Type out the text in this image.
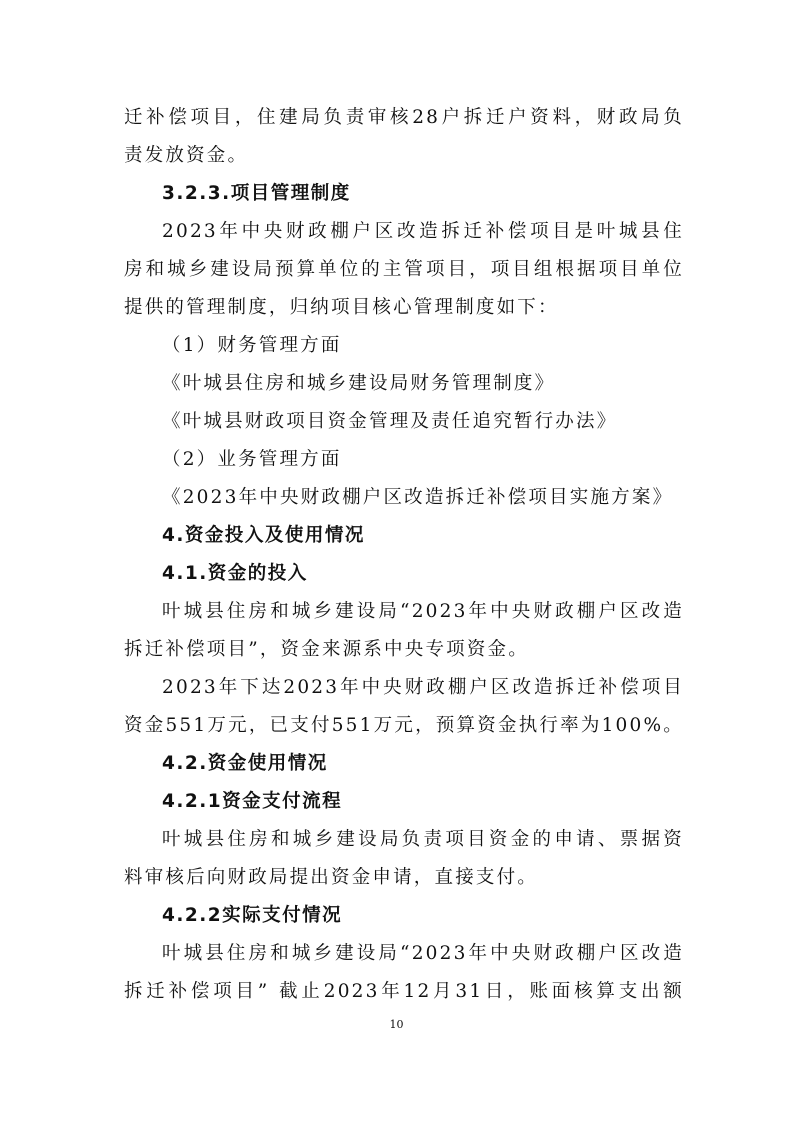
迁补偿项目，住建局负责审核28户拆迁户资料，财政局负
责发放资金。
3.2.3.项目管理制度
2023年中央财政棚户区改造拆迁补偿项目是叶城县住
房和城乡建设局预算单位的主管项目，项目组根据项目单位
提供的管理制度，归纳项目核心管理制度如下：
（1）财务管理方面
《叶城县住房和城乡建设局财务管理制度》
《叶城县财政项目资金管理及责任追究暂行办法》
（2）业务管理方面
《2023年中央财政棚户区改造拆迁补偿项目实施方案》
4.资金投入及使用情况
4.1.资金的投入
叶城县住房和城乡建设局“2023年中央财政棚户区改造
拆迁补偿项目”，资金来源系中央专项资金。
2023年下达2023年中央财政棚户区改造拆迁补偿项目
资金551万元，已支付551万元，预算资金执行率为100%。
4.2.资金使用情况
4.2.1资金支付流程
叶城县住房和城乡建设局负责项目资金的申请、票据资
料审核后向财政局提出资金申请，直接支付。
4.2.2实际支付情况
叶城县住房和城乡建设局“2023年中央财政棚户区改造
拆迁补偿项目” 截止2023年12月31日，账面核算支出额
10
